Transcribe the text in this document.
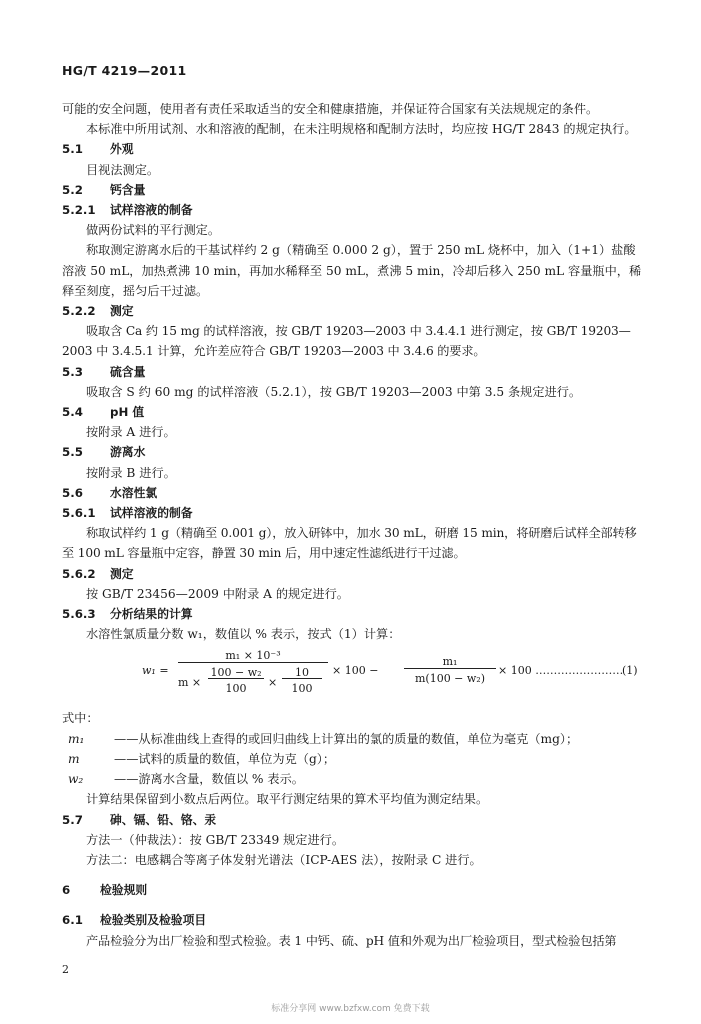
HG/T 4219—2011

可能的安全问题，使用者有责任采取适当的安全和健康措施，并保证符合国家有关法规规定的条件。

本标准中所用试剂、水和溶液的配制，在未注明规格和配制方法时，均应按 HG/T 2843 的规定执行。

5.1	外观

目视法测定。

5.2	钙含量
5.2.1	试样溶液的制备

做两份试料的平行测定。

称取测定游离水后的干基试样约 2 g（精确至 0.000 2 g），置于 250 mL 烧杯中，加入（1+1）盐酸溶液 50 mL，加热煮沸 10 min，再加水稀释至 50 mL，煮沸 5 min，冷却后移入 250 mL 容量瓶中，稀释至刻度，摇匀后干过滤。

5.2.2	测定

吸取含 Ca 约 15 mg 的试样溶液，按 GB/T 19203—2003 中 3.4.4.1 进行测定，按 GB/T 19203—2003 中 3.4.5.1 计算，允许差应符合 GB/T 19203—2003 中 3.4.6 的要求。

5.3	硫含量

吸取含 S 约 60 mg 的试样溶液（5.2.1），按 GB/T 19203—2003 中第 3.5 条规定进行。

5.4	pH 值

按附录 A 进行。

5.5	游离水

按附录 B 进行。

5.6	水溶性氯
5.6.1	试样溶液的制备

称取试样约 1 g（精确至 0.001 g），放入研钵中，加水 30 mL，研磨 15 min，将研磨后试样全部转移至 100 mL 容量瓶中定容，静置 30 min 后，用中速定性滤纸进行干过滤。

5.6.2	测定

按 GB/T 23456—2009 中附录 A 的规定进行。

5.6.3	分析结果的计算

水溶性氯质量分数 w₁，数值以 % 表示，按式（1）计算：

w₁ =
m₁ × 10⁻³
m ×
100 − w₂
100	×
10
100
× 100 −
m₁
m(100 − w₂)
× 100 ……………………
(1)

式中：

m₁	——从标准曲线上查得的或回归曲线上计算出的氯的质量的数值，单位为毫克（mg）；
m	——试料的质量的数值，单位为克（g）；
w₂	——游离水含量，数值以 % 表示。

计算结果保留到小数点后两位。取平行测定结果的算术平均值为测定结果。

5.7	砷、镉、铅、铬、汞

方法一（仲裁法）：按 GB/T 23349 规定进行。

方法二：电感耦合等离子体发射光谱法（ICP-AES 法），按附录 C 进行。

6	检验规则
6.1	检验类别及检验项目

产品检验分为出厂检验和型式检验。表 1 中钙、硫、pH 值和外观为出厂检验项目，型式检验包括第

2
标准分享网 www.bzfxw.com 免费下载
